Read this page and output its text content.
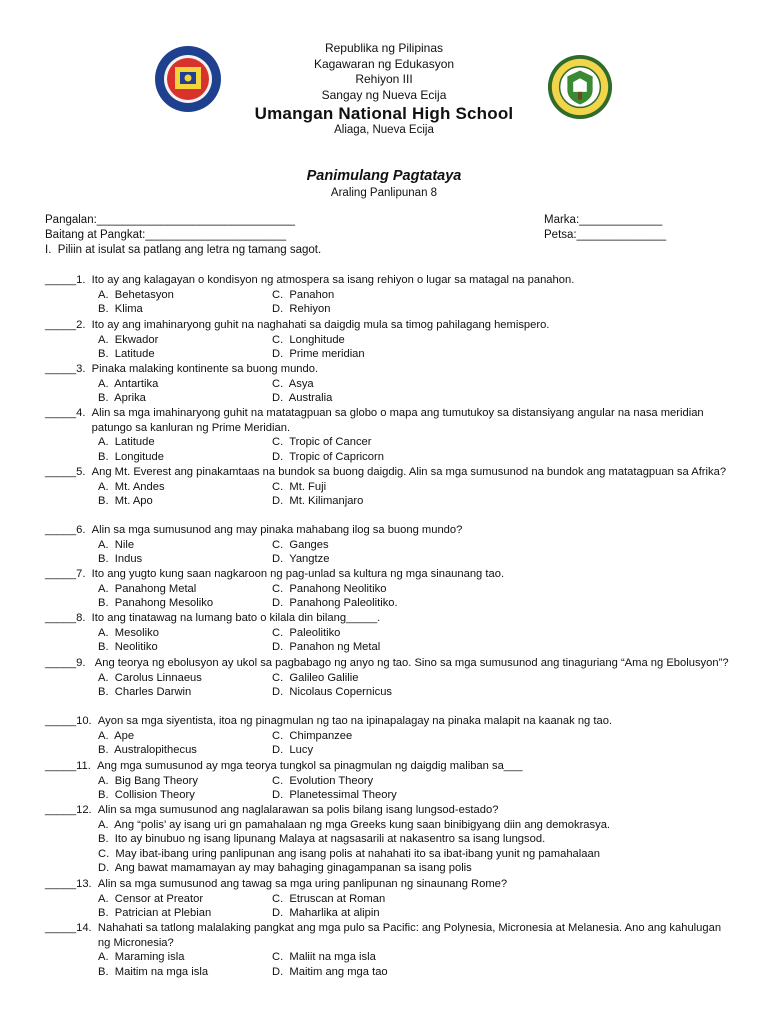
Republika ng Pilipinas
Kagawaran ng Edukasyon
Rehiyon III
Sangay ng Nueva Ecija
Umangan National High School
Aliaga, Nueva Ecija
Panimulang Pagtataya
Araling Panlipunan 8
Pangalan:_______________________________
Baitang at Pangkat:______________________
Marka:_____________
Petsa:______________
I.  Piliin at isulat sa patlang ang letra ng tamang sagot.
_____1. Ito ay ang kalagayan o kondisyon ng atmospera sa isang rehiyon o lugar sa matagal na panahon.
A.  Behetasyon	C.  Panahon
B.  Klima	D.  Rehiyon
_____2. Ito ay ang imahinaryong guhit na naghahati sa daigdig mula sa timog pahilagang hemispero.
A.  Ekwador	C.  Longhitude
B.  Latitude	D.  Prime meridian
_____3. Pinaka malaking kontinente sa buong mundo.
A.  Antartika	C.  Asya
B.  Aprika	D.  Australia
_____4. Alin sa mga imahinaryong guhit na matatagpuan sa globo o mapa ang tumutukoy sa distansiyang angular na nasa meridian patungo sa kanluran ng Prime Meridian.
A.  Latitude	C.  Tropic of Cancer
B.  Longitude	D.  Tropic of Capricorn
_____5. Ang Mt. Everest ang pinakamtaas na bundok sa buong daigdig. Alin sa mga sumusunod na bundok ang matatagpuan sa Afrika?
A.  Mt. Andes	C.  Mt. Fuji
B.  Mt. Apo	D.  Mt. Kilimanjaro
_____6. Alin sa mga sumusunod ang may pinaka mahabang ilog sa buong mundo?
A.  Nile	C.  Ganges
B.  Indus	D.  Yangtze
_____7. Ito ang yugto kung saan nagkaroon ng pag-unlad sa kultura ng mga sinaunang tao.
A.  Panahong Metal	C.  Panahong Neolitiko
B.  Panahong Mesoliko	D.  Panahong Paleolitiko.
_____8. Ito ang tinatawag na lumang bato o kilala din bilang_____.
A.  Mesoliko	C.  Paleolitiko
B.  Neolitiko	D.  Panahon ng Metal
_____9. Ang teorya ng ebolusyon ay ukol sa pagbabago ng anyo ng tao. Sino sa mga sumusunod ang tinaguriang “Ama ng Ebolusyon”?
A.  Carolus Linnaeus	C.  Galileo Galilie
B.  Charles Darwin	D.  Nicolaus Copernicus
_____10. Ayon sa mga siyentista, itoa ng pinagmulan ng tao na ipinapalagay na pinaka malapit na kaanak ng tao.
A.  Ape	C.  Chimpanzee
B.  Australopithecus	D.  Lucy
_____11. Ang mga sumusunod ay mga teorya tungkol sa pinagmulan ng daigdig maliban sa___
A.  Big Bang Theory	C.  Evolution Theory
B.  Collision Theory	D.  Planetessimal Theory
_____12. Alin sa mga sumusunod ang naglalarawan sa polis bilang isang lungsod-estado?
A.  Ang “polis’ ay isang uri gn pamahalaan ng mga Greeks kung saan binibigyang diin ang demokrasya.
B.  Ito ay binubuo ng isang lipunang Malaya at nagsasarili at nakasentro sa isang lungsod.
C.  May ibat-ibang uring panlipunan ang isang polis at nahahati ito sa ibat-ibang yunit ng pamahalaan
D.  Ang bawat mamamayan ay may bahaging ginagampanan sa isang polis
_____13. Alin sa mga sumusunod ang tawag sa mga uring panlipunan ng sinaunang Rome?
A.  Censor at Preator	C.  Etruscan at Roman
B.  Patrician at Plebian	D.  Maharlika at alipin
_____14. Nahahati sa tatlong malalaking pangkat ang mga pulo sa Pacific: ang Polynesia, Micronesia at Melanesia. Ano ang kahulugan ng Micronesia?
A.  Maraming isla	C.  Maliit na mga isla
B.  Maitim na mga isla	D.  Maitim ang mga tao
